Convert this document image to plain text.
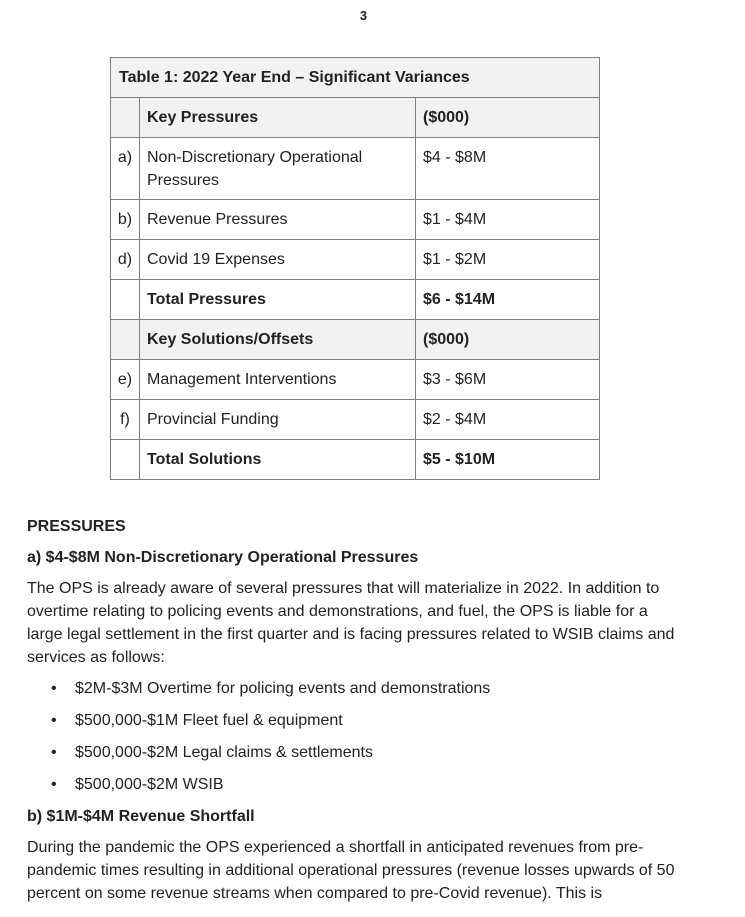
3
Table 1: 2022 Year End – Significant Variances		
	Key Pressures	($000)
a)	Non-Discretionary Operational Pressures	$4 - $8M
b)	Revenue Pressures	$1 - $4M
d)	Covid 19 Expenses	$1 - $2M
	Total Pressures	$6 - $14M
	Key Solutions/Offsets	($000)
e)	Management Interventions	$3 - $6M
f)	Provincial Funding	$2 - $4M
	Total Solutions	$5 - $10M
PRESSURES
a) $4-$8M Non-Discretionary Operational Pressures
The OPS is already aware of several pressures that will materialize in 2022. In addition to overtime relating to policing events and demonstrations, and fuel, the OPS is liable for a large legal settlement in the first quarter and is facing pressures related to WSIB claims and services as follows:
• $2M-$3M Overtime for policing events and demonstrations
• $500,000-$1M Fleet fuel & equipment
• $500,000-$2M Legal claims & settlements
• $500,000-$2M WSIB
b) $1M-$4M Revenue Shortfall
During the pandemic the OPS experienced a shortfall in anticipated revenues from pre-pandemic times resulting in additional operational pressures (revenue losses upwards of 50 percent on some revenue streams when compared to pre-Covid revenue). This is
